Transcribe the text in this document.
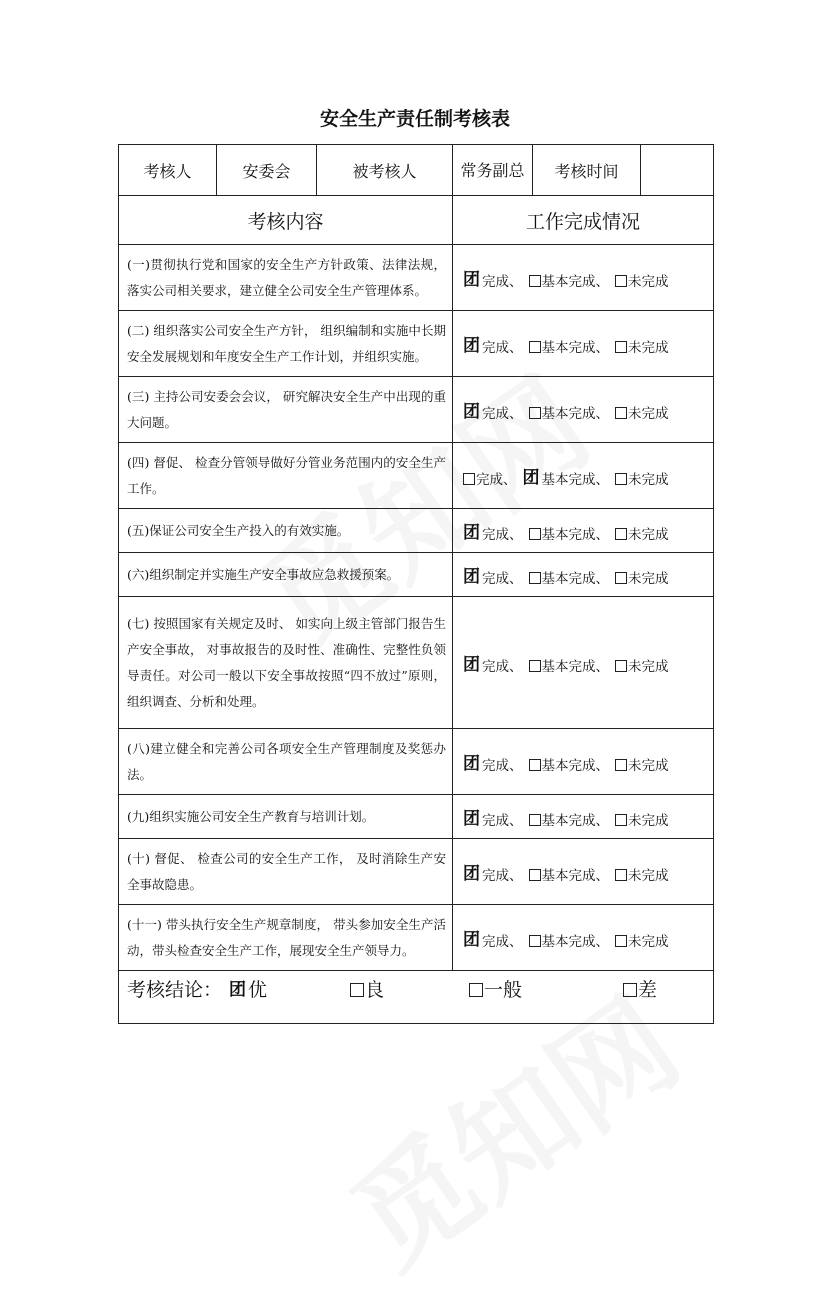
安全生产责任制考核表
考核人	安委会	被考核人	常务副总	考核时间	
考核内容			工作完成情况		
(一)贯彻执行党和国家的安全生产方针政策、法律法规，落实公司相关要求，建立健全公司安全生产管理体系。			团 完成、 基本完成、 未完成		
(二) 组织落实公司安全生产方针， 组织编制和实施中长期安全发展规划和年度安全生产工作计划，并组织实施。			团 完成、 基本完成、 未完成		
(三) 主持公司安委会会议， 研究解决安全生产中出现的重大问题。			团 完成、 基本完成、 未完成		
(四) 督促、 检查分管领导做好分管业务范围内的安全生产工作。			完成、 团 基本完成、 未完成		
(五)保证公司安全生产投入的有效实施。			团 完成、 基本完成、 未完成		
(六)组织制定并实施生产安全事故应急救援预案。			团 完成、 基本完成、 未完成		
(七) 按照国家有关规定及时、 如实向上级主管部门报告生产安全事故， 对事故报告的及时性、准确性、完整性负领导责任。对公司一般以下安全事故按照“四不放过”原则，组织调查、分析和处理。			团 完成、 基本完成、 未完成		
(八)建立健全和完善公司各项安全生产管理制度及奖惩办法。			团 完成、 基本完成、 未完成		
(九)组织实施公司安全生产教育与培训计划。			团 完成、 基本完成、 未完成		
(十) 督促、 检查公司的安全生产工作， 及时消除生产安全事故隐患。			团 完成、 基本完成、 未完成		
(十一) 带头执行安全生产规章制度， 带头参加安全生产活动，带头检查安全生产工作，展现安全生产领导力。			团 完成、 基本完成、 未完成		

考核结论： 团 优 良 一般 差					
